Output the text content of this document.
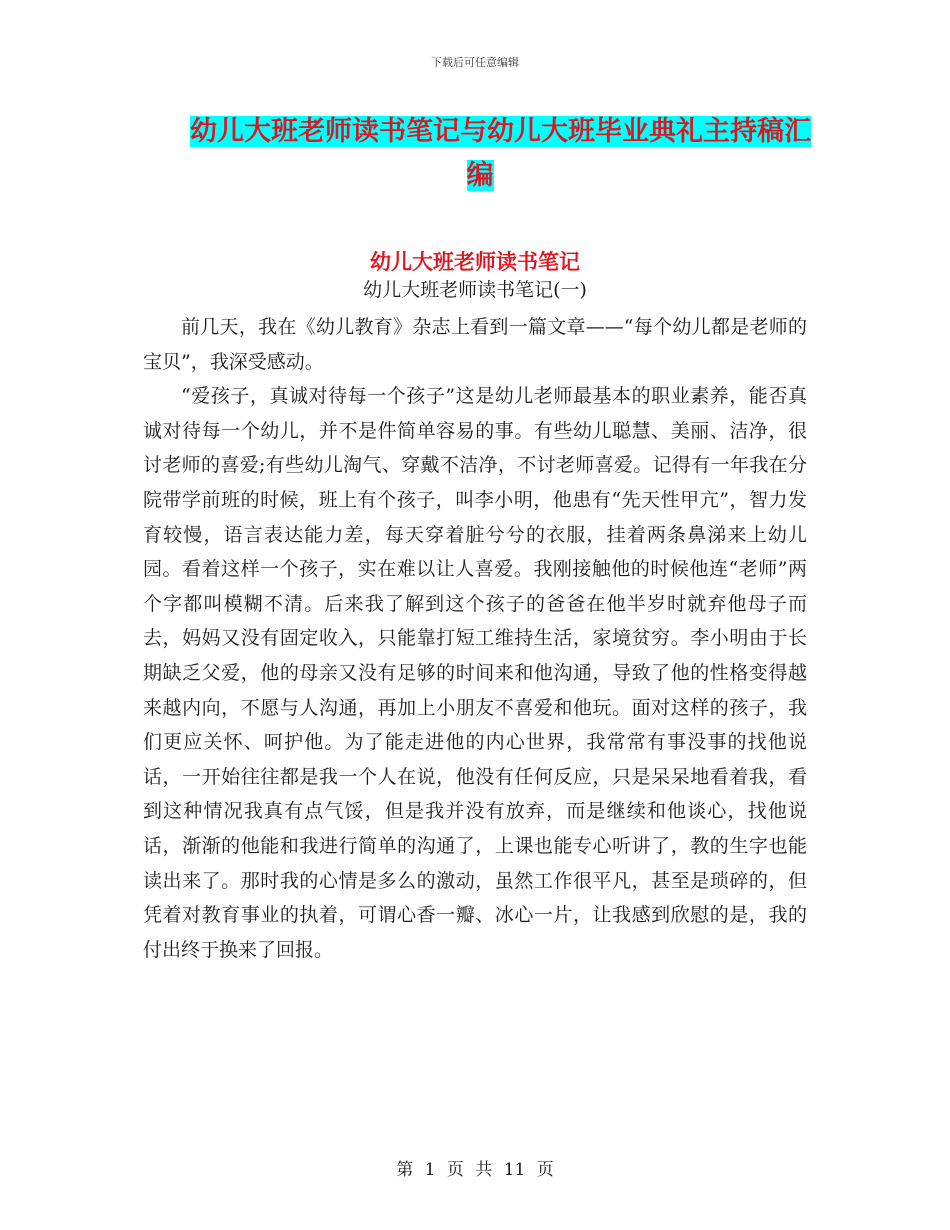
下载后可任意编辑
幼儿大班老师读书笔记与幼儿大班毕业典礼主持稿汇
编
幼儿大班老师读书笔记
幼儿大班老师读书笔记(一)

前几天，我在《幼儿教育》杂志上看到一篇文章——“每个幼儿都是老师的宝贝”，我深受感动。

“爱孩子，真诚对待每一个孩子”这是幼儿老师最基本的职业素养，能否真诚对待每一个幼儿，并不是件简单容易的事。有些幼儿聪慧、美丽、洁净，很讨老师的喜爱;有些幼儿淘气、穿戴不洁净，不讨老师喜爱。记得有一年我在分院带学前班的时候，班上有个孩子，叫李小明，他患有“先天性甲亢”，智力发育较慢，语言表达能力差，每天穿着脏兮兮的衣服，挂着两条鼻涕来上幼儿园。看着这样一个孩子，实在难以让人喜爱。我刚接触他的时候他连“老师”两个字都叫模糊不清。后来我了解到这个孩子的爸爸在他半岁时就弃他母子而去，妈妈又没有固定收入，只能靠打短工维持生活，家境贫穷。李小明由于长期缺乏父爱，他的母亲又没有足够的时间来和他沟通，导致了他的性格变得越来越内向，不愿与人沟通，再加上小朋友不喜爱和他玩。面对这样的孩子，我们更应关怀、呵护他。为了能走进他的内心世界，我常常有事没事的找他说话，一开始往往都是我一个人在说，他没有任何反应，只是呆呆地看着我，看到这种情况我真有点气馁，但是我并没有放弃，而是继续和他谈心，找他说话，渐渐的他能和我进行简单的沟通了，上课也能专心听讲了，教的生字也能读出来了。那时我的心情是多么的激动，虽然工作很平凡，甚至是琐碎的，但凭着对教育事业的执着，可谓心香一瓣、冰心一片，让我感到欣慰的是，我的付出终于换来了回报。

第 1 页 共 11 页
